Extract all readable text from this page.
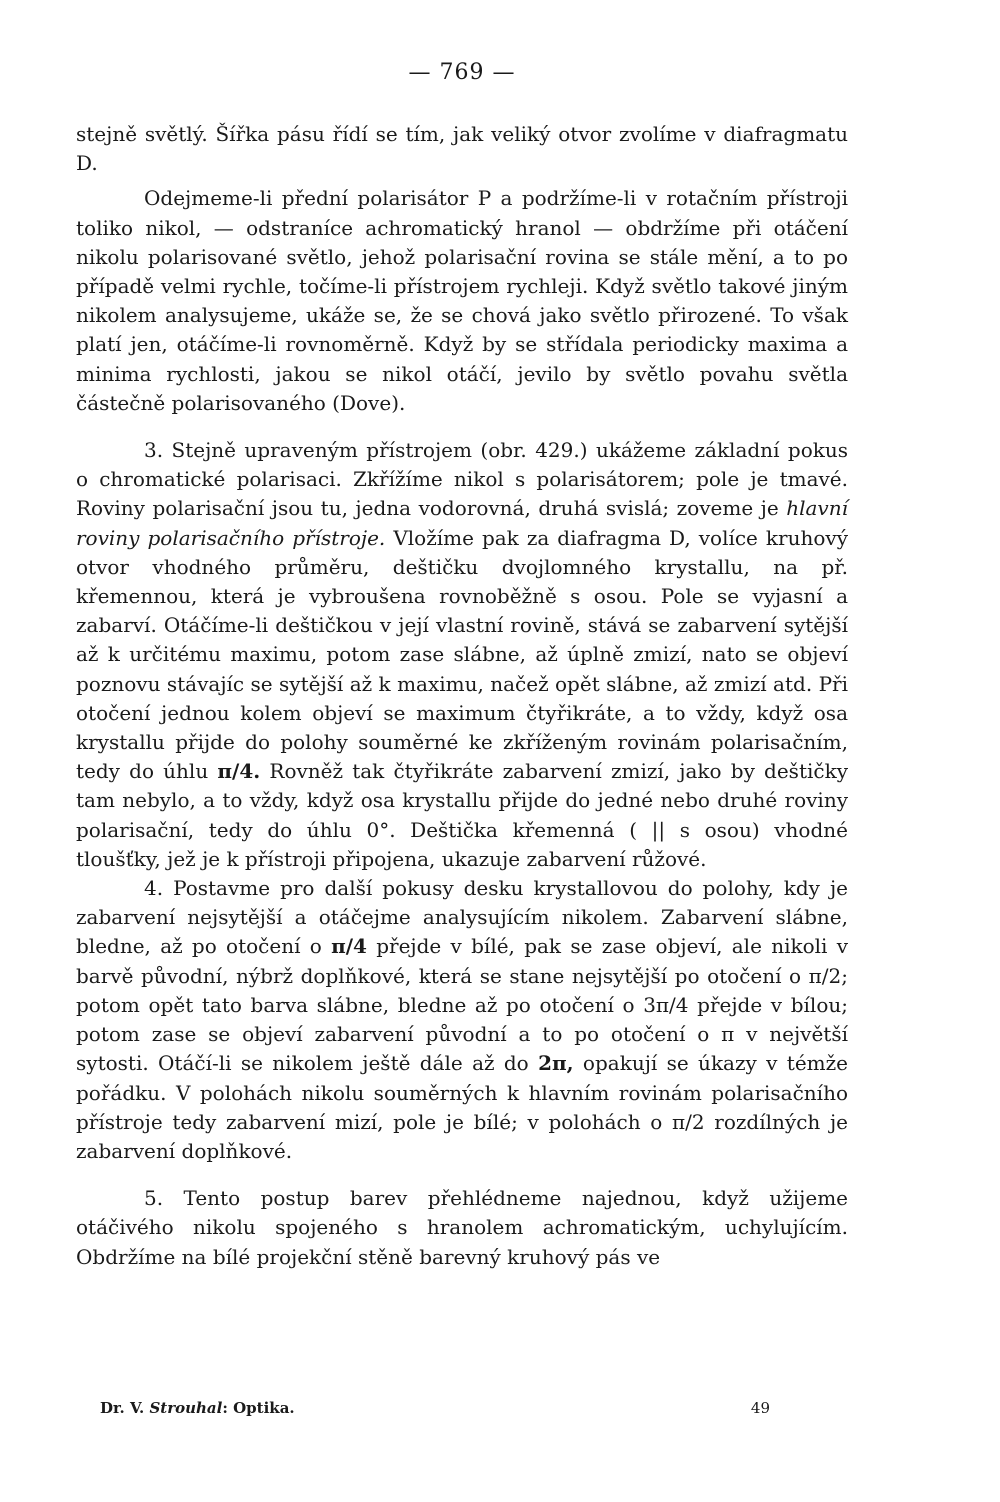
— 769 —

stejně světlý. Šířka pásu řídí se tím, jak veliký otvor zvolíme v diafragmatu D.

Odejmeme-li přední polarisátor P a podržíme-li v rotačním přístroji toliko nikol, — odstraníce achromatický hranol — obdržíme při otáčení nikolu polarisované světlo, jehož polarisační rovina se stále mění, a to po případě velmi rychle, točíme-li přístrojem rychleji. Když světlo takové jiným nikolem analysujeme, ukáže se, že se chová jako světlo přirozené. To však platí jen, otáčíme-li rovnoměrně. Když by se střídala periodicky maxima a minima rychlosti, jakou se nikol otáčí, jevilo by světlo povahu světla částečně polarisovaného (Dove).

3. Stejně upraveným přístrojem (obr. 429.) ukážeme základní pokus o chromatické polarisaci. Zkřížíme nikol s polarisátorem; pole je tmavé. Roviny polarisační jsou tu, jedna vodorovná, druhá svislá; zoveme je hlavní roviny polarisačního přístroje. Vložíme pak za diafragma D, volíce kruhový otvor vhodného průměru, deštičku dvojlomného krystallu, na př. křemennou, která je vybroušena rovnoběžně s osou. Pole se vyjasní a zabarví. Otáčíme-li deštičkou v její vlastní rovině, stává se zabarvení sytější až k určitému maximu, potom zase slábne, až úplně zmizí, nato se objeví poznovu stávajíc se sytější až k maximu, načež opět slábne, až zmizí atd. Při otočení jednou kolem objeví se maximum čtyřikráte, a to vždy, když osa krystallu přijde do polohy souměrné ke zkříženým rovinám polarisačním, tedy do úhlu π/4. Rovněž tak čtyřikráte zabarvení zmizí, jako by deštičky tam nebylo, a to vždy, když osa krystallu přijde do jedné nebo druhé roviny polarisační, tedy do úhlu 0°. Deštička křemenná ( || s osou) vhodné tloušťky, jež je k přístroji připojena, ukazuje zabarvení růžové.

4. Postavme pro další pokusy desku krystallovou do polohy, kdy je zabarvení nejsytější a otáčejme analysujícím nikolem. Zabarvení slábne, bledne, až po otočení o π/4 přejde v bílé, pak se zase objeví, ale nikoli v barvě původní, nýbrž doplňkové, která se stane nejsytější po otočení o π/2; potom opět tato barva slábne, bledne až po otočení o 3π/4 přejde v bílou; potom zase se objeví zabarvení původní a to po otočení o π v největší sytosti. Otáčí-li se nikolem ještě dále až do 2π, opakují se úkazy v témže pořádku. V polohách nikolu souměrných k hlavním rovinám polarisačního přístroje tedy zabarvení mizí, pole je bílé; v polohách o π/2 rozdílných je zabarvení doplňkové.

5. Tento postup barev přehlédneme najednou, když užijeme otáčivého nikolu spojeného s hranolem achromatickým, uchylujícím. Obdržíme na bílé projekční stěně barevný kruhový pás ve

Dr. V. Strouhal: Optika.	49
